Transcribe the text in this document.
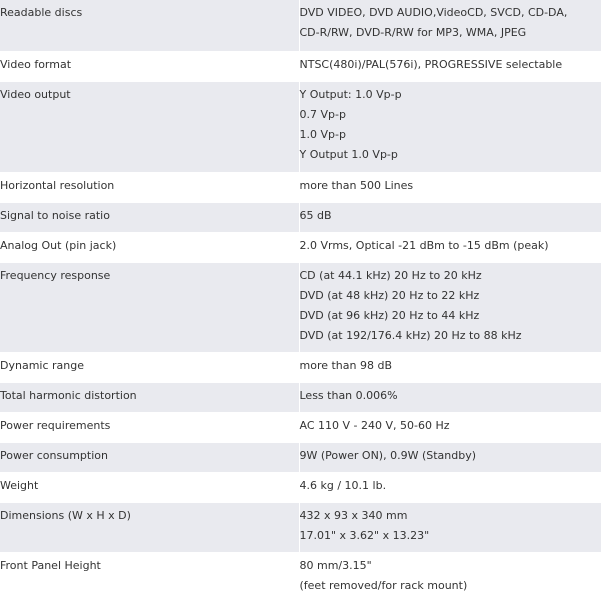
Readable discs	DVD VIDEO, DVD AUDIO,VideoCD, SVCD, CD-DA,
CD-R/RW, DVD-R/RW for MP3, WMA, JPEG

Video format	NTSC(480i)/PAL(576i), PROGRESSIVE selectable

Video output	Y Output: 1.0 Vp-p
0.7 Vp-p
1.0 Vp-p
Y Output 1.0 Vp-p

Horizontal resolution	more than 500 Lines

Signal to noise ratio	65 dB

Analog Out (pin jack)	2.0 Vrms, Optical -21 dBm to -15 dBm (peak)

Frequency response	CD (at 44.1 kHz) 20 Hz to 20 kHz
DVD (at 48 kHz) 20 Hz to 22 kHz
DVD (at 96 kHz) 20 Hz to 44 kHz
DVD (at 192/176.4 kHz) 20 Hz to 88 kHz

Dynamic range	more than 98 dB

Total harmonic distortion	Less than 0.006%

Power requirements	AC 110 V - 240 V, 50-60 Hz

Power consumption	9W (Power ON), 0.9W (Standby)

Weight	4.6 kg / 10.1 lb.

Dimensions (W x H x D)	432 x 93 x 340 mm
17.01" x 3.62" x 13.23"

Front Panel Height	80 mm/3.15"
(feet removed/for rack mount)
